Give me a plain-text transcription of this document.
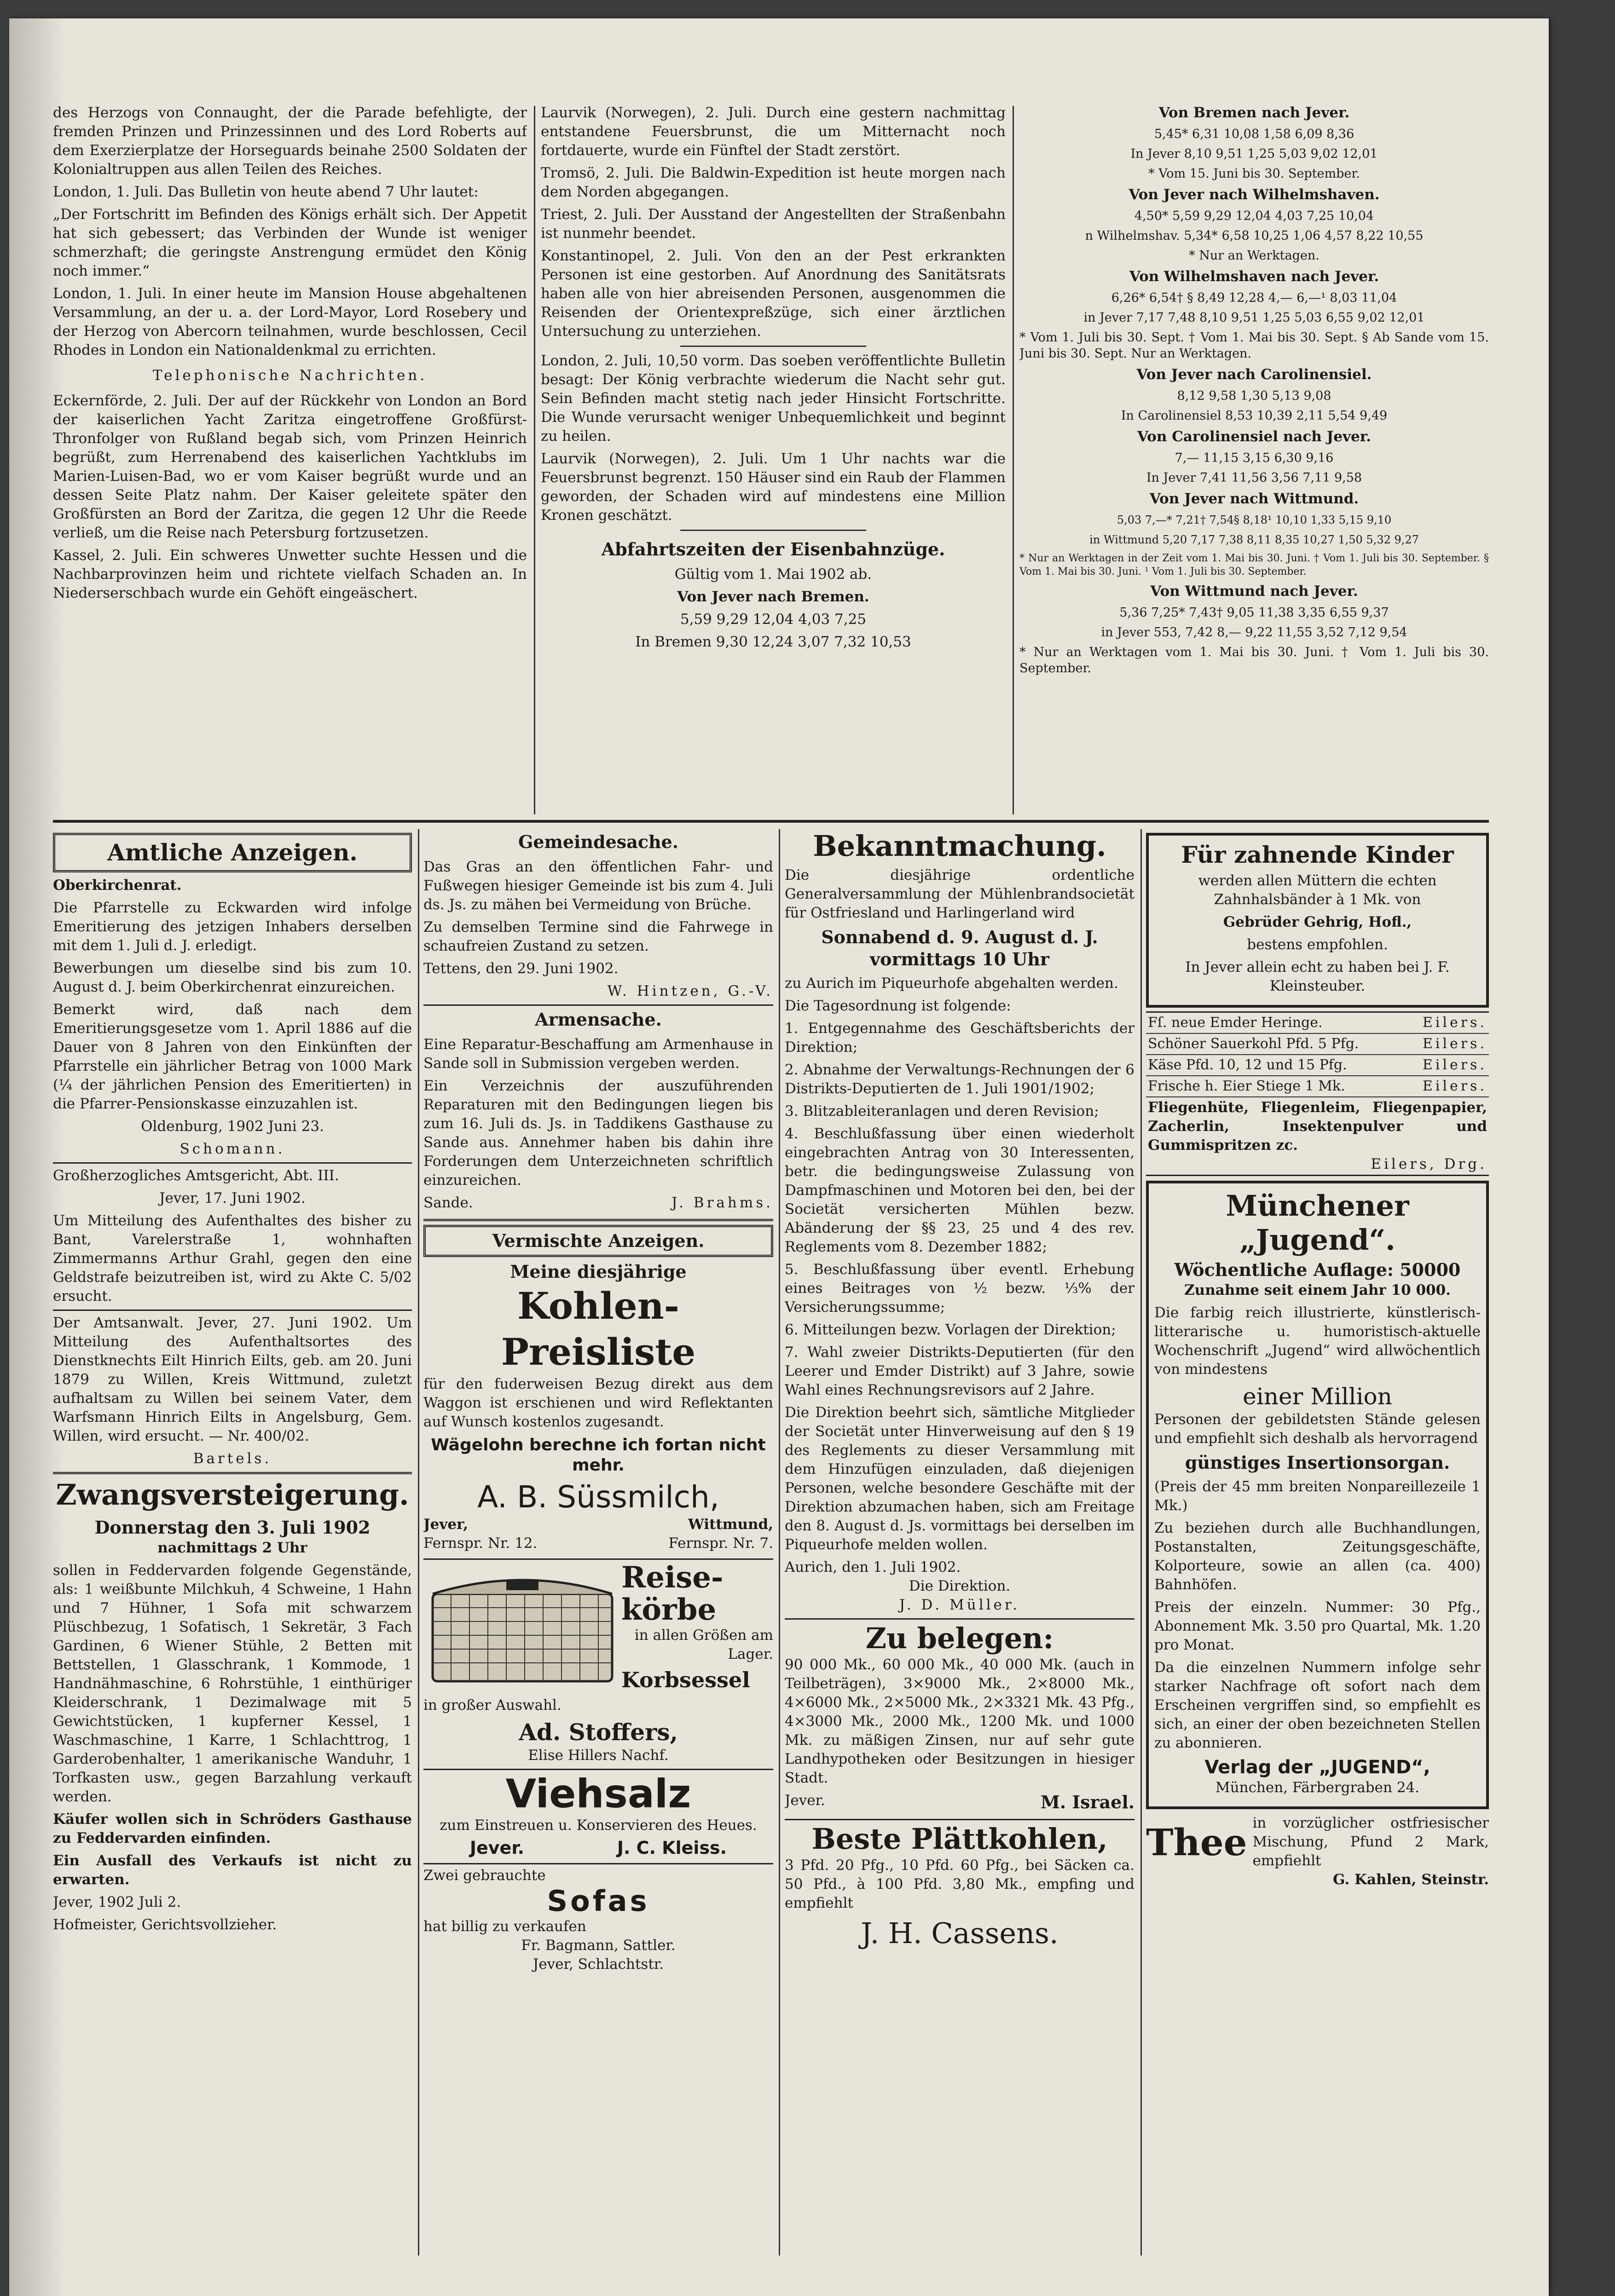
des Herzogs von Connaught, der die Parade befehligte, der fremden Prinzen und Prinzessinnen und des Lord Roberts auf dem Exerzierplatze der Horseguards beinahe 2500 Soldaten der Kolonialtruppen aus allen Teilen des Reiches.

London, 1. Juli. Das Bulletin von heute abend 7 Uhr lautet:

„Der Fortschritt im Befinden des Königs erhält sich. Der Appetit hat sich gebessert; das Verbinden der Wunde ist weniger schmerzhaft; die geringste Anstrengung ermüdet den König noch immer.“

London, 1. Juli. In einer heute im Mansion House abgehaltenen Versammlung, an der u. a. der Lord-Mayor, Lord Rosebery und der Herzog von Abercorn teilnahmen, wurde beschlossen, Cecil Rhodes in London ein Nationaldenkmal zu errichten.

Telephonische Nachrichten.

Eckernförde, 2. Juli. Der auf der Rückkehr von London an Bord der kaiserlichen Yacht Zaritza eingetroffene Großfürst-Thronfolger von Rußland begab sich, vom Prinzen Heinrich begrüßt, zum Herrenabend des kaiserlichen Yachtklubs im Marien-Luisen-Bad, wo er vom Kaiser begrüßt wurde und an dessen Seite Platz nahm. Der Kaiser geleitete später den Großfürsten an Bord der Zaritza, die gegen 12 Uhr die Reede verließ, um die Reise nach Petersburg fortzusetzen.

Kassel, 2. Juli. Ein schweres Unwetter suchte Hessen und die Nachbarprovinzen heim und richtete vielfach Schaden an. In Niederserschbach wurde ein Gehöft eingeäschert.

Laurvik (Norwegen), 2. Juli. Durch eine gestern nachmittag entstandene Feuersbrunst, die um Mitternacht noch fortdauerte, wurde ein Fünftel der Stadt zerstört.

Tromsö, 2. Juli. Die Baldwin-Expedition ist heute morgen nach dem Norden abgegangen.

Triest, 2. Juli. Der Ausstand der Angestellten der Straßenbahn ist nunmehr beendet.

Konstantinopel, 2. Juli. Von den an der Pest erkrankten Personen ist eine gestorben. Auf Anordnung des Sanitätsrats haben alle von hier abreisenden Personen, ausgenommen die Reisenden der Orientexpreßzüge, sich einer ärztlichen Untersuchung zu unterziehen.

London, 2. Juli, 10,50 vorm. Das soeben veröffentlichte Bulletin besagt: Der König verbrachte wiederum die Nacht sehr gut. Sein Befinden macht stetig nach jeder Hinsicht Fortschritte. Die Wunde verursacht weniger Unbequemlichkeit und beginnt zu heilen.

Laurvik (Norwegen), 2. Juli. Um 1 Uhr nachts war die Feuersbrunst begrenzt. 150 Häuser sind ein Raub der Flammen geworden, der Schaden wird auf mindestens eine Million Kronen geschätzt.

Abfahrtszeiten der Eisenbahnzüge.

Gültig vom 1. Mai 1902 ab.

Von Jever nach Bremen.

5,59 9,29 12,04 4,03 7,25

In Bremen 9,30 12,24 3,07 7,32 10,53

Von Bremen nach Jever.

5,45* 6,31 10,08 1,58 6,09 8,36

In Jever 8,10 9,51 1,25 5,03 9,02 12,01

* Vom 15. Juni bis 30. September.

Von Jever nach Wilhelmshaven.

4,50* 5,59 9,29 12,04 4,03 7,25 10,04

n Wilhelmshav. 5,34* 6,58 10,25 1,06 4,57 8,22 10,55

* Nur an Werktagen.

Von Wilhelmshaven nach Jever.

6,26* 6,54† § 8,49 12,28 4,— 6,—¹ 8,03 11,04

in Jever 7,17 7,48 8,10 9,51 1,25 5,03 6,55 9,02 12,01

* Vom 1. Juli bis 30. Sept. † Vom 1. Mai bis 30. Sept. § Ab Sande vom 15. Juni bis 30. Sept. Nur an Werktagen.

Von Jever nach Carolinensiel.

8,12 9,58 1,30 5,13 9,08

In Carolinensiel 8,53 10,39 2,11 5,54 9,49

Von Carolinensiel nach Jever.

7,— 11,15 3,15 6,30 9,16

In Jever 7,41 11,56 3,56 7,11 9,58

Von Jever nach Wittmund.

5,03 7,—* 7,21† 7,54§ 8,18¹ 10,10 1,33 5,15 9,10

in Wittmund 5,20 7,17 7,38 8,11 8,35 10,27 1,50 5,32 9,27

* Nur an Werktagen in der Zeit vom 1. Mai bis 30. Juni. † Vom 1. Juli bis 30. September. § Vom 1. Mai bis 30. Juni. ¹ Vom 1. Juli bis 30. September.

Von Wittmund nach Jever.

5,36 7,25* 7,43† 9,05 11,38 3,35 6,55 9,37

in Jever 553, 7,42 8,— 9,22 11,55 3,52 7,12 9,54

* Nur an Werktagen vom 1. Mai bis 30. Juni. † Vom 1. Juli bis 30. September.

Amtliche Anzeigen.

Oberkirchenrat.

Die Pfarrstelle zu Eckwarden wird infolge Emeritierung des jetzigen Inhabers derselben mit dem 1. Juli d. J. erledigt.

Bewerbungen um dieselbe sind bis zum 10. August d. J. beim Oberkirchenrat einzureichen.

Bemerkt wird, daß nach dem Emeritierungsgesetze vom 1. April 1886 auf die Dauer von 8 Jahren von den Einkünften der Pfarrstelle ein jährlicher Betrag von 1000 Mark (¼ der jährlichen Pension des Emeritierten) in die Pfarrer-Pensionskasse einzuzahlen ist.

Oldenburg, 1902 Juni 23.

Schomann.

Großherzogliches Amtsgericht, Abt. III.

Jever, 17. Juni 1902.

Um Mitteilung des Aufenthaltes des bisher zu Bant, Varelerstraße 1, wohnhaften Zimmermanns Arthur Grahl, gegen den eine Geldstrafe beizutreiben ist, wird zu Akte C. 5/02 ersucht.

Der Amtsanwalt. Jever, 27. Juni 1902. Um Mitteilung des Aufenthaltsortes des Dienstknechts Eilt Hinrich Eilts, geb. am 20. Juni 1879 zu Willen, Kreis Wittmund, zuletzt aufhaltsam zu Willen bei seinem Vater, dem Warfsmann Hinrich Eilts in Angelsburg, Gem. Willen, wird ersucht. — Nr. 400/02.

Bartels.

Zwangsversteigerung.

Donnerstag den 3. Juli 1902

nachmittags 2 Uhr

sollen in Feddervarden folgende Gegenstände, als: 1 weißbunte Milchkuh, 4 Schweine, 1 Hahn und 7 Hühner, 1 Sofa mit schwarzem Plüschbezug, 1 Sofatisch, 1 Sekretär, 3 Fach Gardinen, 6 Wiener Stühle, 2 Betten mit Bettstellen, 1 Glasschrank, 1 Kommode, 1 Handnähmaschine, 6 Rohrstühle, 1 einthüriger Kleiderschrank, 1 Dezimalwage mit 5 Gewichtstücken, 1 kupferner Kessel, 1 Waschmaschine, 1 Karre, 1 Schlachttrog, 1 Garderobenhalter, 1 amerikanische Wanduhr, 1 Torfkasten usw., gegen Barzahlung verkauft werden.

Käufer wollen sich in Schröders Gasthause zu Feddervarden einfinden.

Ein Ausfall des Verkaufs ist nicht zu erwarten.

Jever, 1902 Juli 2.

Hofmeister, Gerichtsvollzieher.

Gemeindesache.

Das Gras an den öffentlichen Fahr- und Fußwegen hiesiger Gemeinde ist bis zum 4. Juli ds. Js. zu mähen bei Vermeidung von Brüche.

Zu demselben Termine sind die Fahrwege in schaufreien Zustand zu setzen.

Tettens, den 29. Juni 1902.

W. Hintzen, G.-V.

Armensache.

Eine Reparatur-Beschaffung am Armenhause in Sande soll in Submission vergeben werden.

Ein Verzeichnis der auszuführenden Reparaturen mit den Bedingungen liegen bis zum 16. Juli ds. Js. in Taddikens Gasthause zu Sande aus. Annehmer haben bis dahin ihre Forderungen dem Unterzeichneten schriftlich einzureichen.

Sande.	J. Brahms.

Vermischte Anzeigen.

Meine diesjährige

Kohlen-Preisliste

für den fuderweisen Bezug direkt aus dem Waggon ist erschienen und wird Reflektanten auf Wunsch kostenlos zugesandt.

Wägelohn berechne ich fortan nicht mehr.

A. B. Süssmilch,

Jever,

Fernspr. Nr. 12.

Wittmund,

Fernspr. Nr. 7.

Reise-

körbe

in allen Größen am Lager.

Korbsessel

in großer Auswahl.

Ad. Stoffers,

Elise Hillers Nachf.

Viehsalz

zum Einstreuen u. Konservieren des Heues.

Jever.	J. C. Kleiss.

Zwei gebrauchte

Sofas

hat billig zu verkaufen

Fr. Bagmann, Sattler.

Jever, Schlachtstr.

Bekanntmachung.

Die diesjährige ordentliche Generalversammlung der Mühlenbrandsocietät für Ostfriesland und Harlingerland wird

Sonnabend d. 9. August d. J.

vormittags 10 Uhr

zu Aurich im Piqueurhofe abgehalten werden.

Die Tagesordnung ist folgende:

1. Entgegennahme des Geschäftsberichts der Direktion;

2. Abnahme der Verwaltungs-Rechnungen der 6 Distrikts-Deputierten de 1. Juli 1901/1902;

3. Blitzableiteranlagen und deren Revision;

4. Beschlußfassung über einen wiederholt eingebrachten Antrag von 30 Interessenten, betr. die bedingungsweise Zulassung von Dampfmaschinen und Motoren bei den, bei der Societät versicherten Mühlen bezw. Abänderung der §§ 23, 25 und 4 des rev. Reglements vom 8. Dezember 1882;

5. Beschlußfassung über eventl. Erhebung eines Beitrages von ½ bezw. ⅓% der Versicherungssumme;

6. Mitteilungen bezw. Vorlagen der Direktion;

7. Wahl zweier Distrikts-Deputierten (für den Leerer und Emder Distrikt) auf 3 Jahre, sowie Wahl eines Rechnungsrevisors auf 2 Jahre.

Die Direktion beehrt sich, sämtliche Mitglieder der Societät unter Hinverweisung auf den § 19 des Reglements zu dieser Versammlung mit dem Hinzufügen einzuladen, daß diejenigen Personen, welche besondere Geschäfte mit der Direktion abzumachen haben, sich am Freitage den 8. August d. Js. vormittags bei derselben im Piqueurhofe melden wollen.

Aurich, den 1. Juli 1902.

Die Direktion.

J. D. Müller.

Zu belegen:

90 000 Mk., 60 000 Mk., 40 000 Mk. (auch in Teilbeträgen), 3×9000 Mk., 2×8000 Mk., 4×6000 Mk., 2×5000 Mk., 2×3321 Mk. 43 Pfg., 4×3000 Mk., 2000 Mk., 1200 Mk. und 1000 Mk. zu mäßigen Zinsen, nur auf sehr gute Landhypotheken oder Besitzungen in hiesiger Stadt.

Jever.	M. Israel.

Beste Plättkohlen,

3 Pfd. 20 Pfg., 10 Pfd. 60 Pfg., bei Säcken ca. 50 Pfd., à 100 Pfd. 3,80 Mk., empfing und empfiehlt

J. H. Cassens.

Für zahnende Kinder

werden allen Müttern die echten Zahnhalsbänder à 1 Mk. von

Gebrüder Gehrig, Hofl.,

bestens empfohlen.

In Jever allein echt zu haben bei J. F. Kleinsteuber.

Fſ. neue Emder Heringe.	Eilers.
Schöner Sauerkohl Pfd. 5 Pfg.	Eilers.
Käse Pfd. 10, 12 und 15 Pfg.	Eilers.
Frische h. Eier Stiege 1 Mk.	Eilers.

Fliegenhüte, Fliegenleim, Fliegenpapier, Zacherlin, Insektenpulver und Gummispritzen zc.

Eilers, Drg.

Münchener „Jugend“.

Wöchentliche Auflage: 50000

Zunahme seit einem Jahr 10 000.

Die farbig reich illustrierte, künstlerisch-litterarische u. humoristisch-aktuelle Wochenschrift „Jugend“ wird allwöchentlich von mindestens

einer Million

Personen der gebildetsten Stände gelesen und empfiehlt sich deshalb als hervorragend

günstiges Insertionsorgan.

(Preis der 45 mm breiten Nonpareillezeile 1 Mk.)

Zu beziehen durch alle Buchhandlungen, Postanstalten, Zeitungsgeschäfte, Kolporteure, sowie an allen (ca. 400) Bahnhöfen.

Preis der einzeln. Nummer: 30 Pfg., Abonnement Mk. 3.50 pro Quartal, Mk. 1.20 pro Monat.

Da die einzelnen Nummern infolge sehr starker Nachfrage oft sofort nach dem Erscheinen vergriffen sind, so empfiehlt es sich, an einer der oben bezeichneten Stellen zu abonnieren.

Verlag der „JUGEND“,

München, Färbergraben 24.

Thee in vorzüglicher ostfriesischer Mischung, Pfund 2 Mark, empfiehlt

G. Kahlen, Steinstr.
